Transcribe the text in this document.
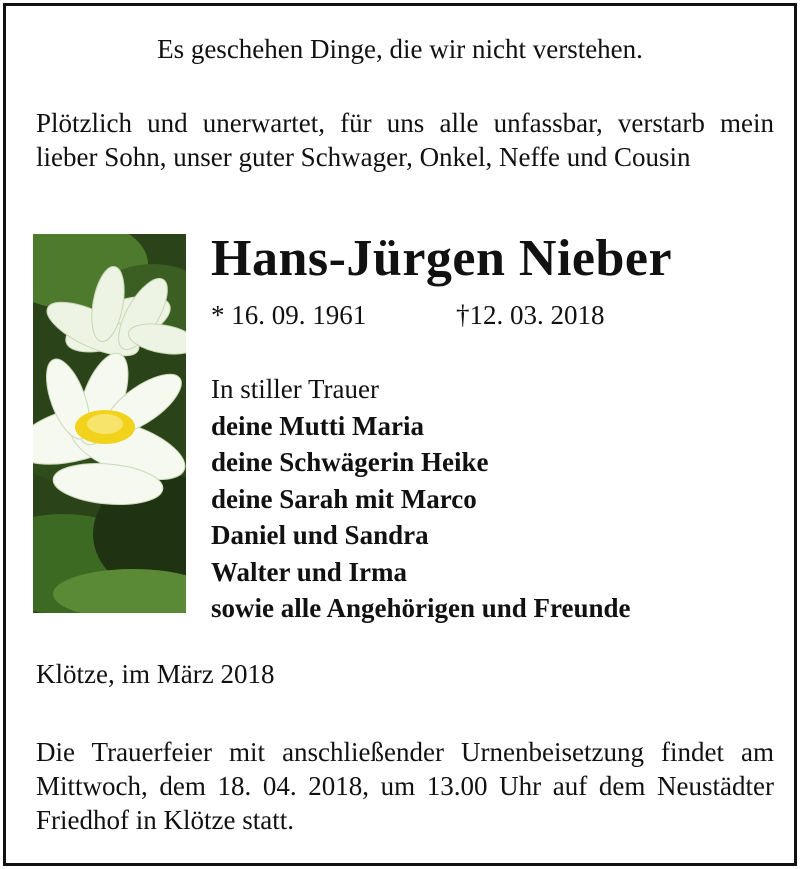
Es geschehen Dinge, die wir nicht verstehen.
Plötzlich und unerwartet, für uns alle unfassbar, verstarb mein lieber Sohn, unser guter Schwager, Onkel, Neffe und Cousin
Hans-Jürgen Nieber
* 16. 09. 1961	†12. 03. 2018
In stiller Trauer
deine Mutti Maria
deine Schwägerin Heike
deine Sarah mit Marco
Daniel und Sandra
Walter und Irma
sowie alle Angehörigen und Freunde
Klötze, im März 2018
Die Trauerfeier mit anschließender Urnenbeisetzung findet am Mittwoch, dem 18. 04. 2018, um 13.00 Uhr auf dem Neustädter Friedhof in Klötze statt.
